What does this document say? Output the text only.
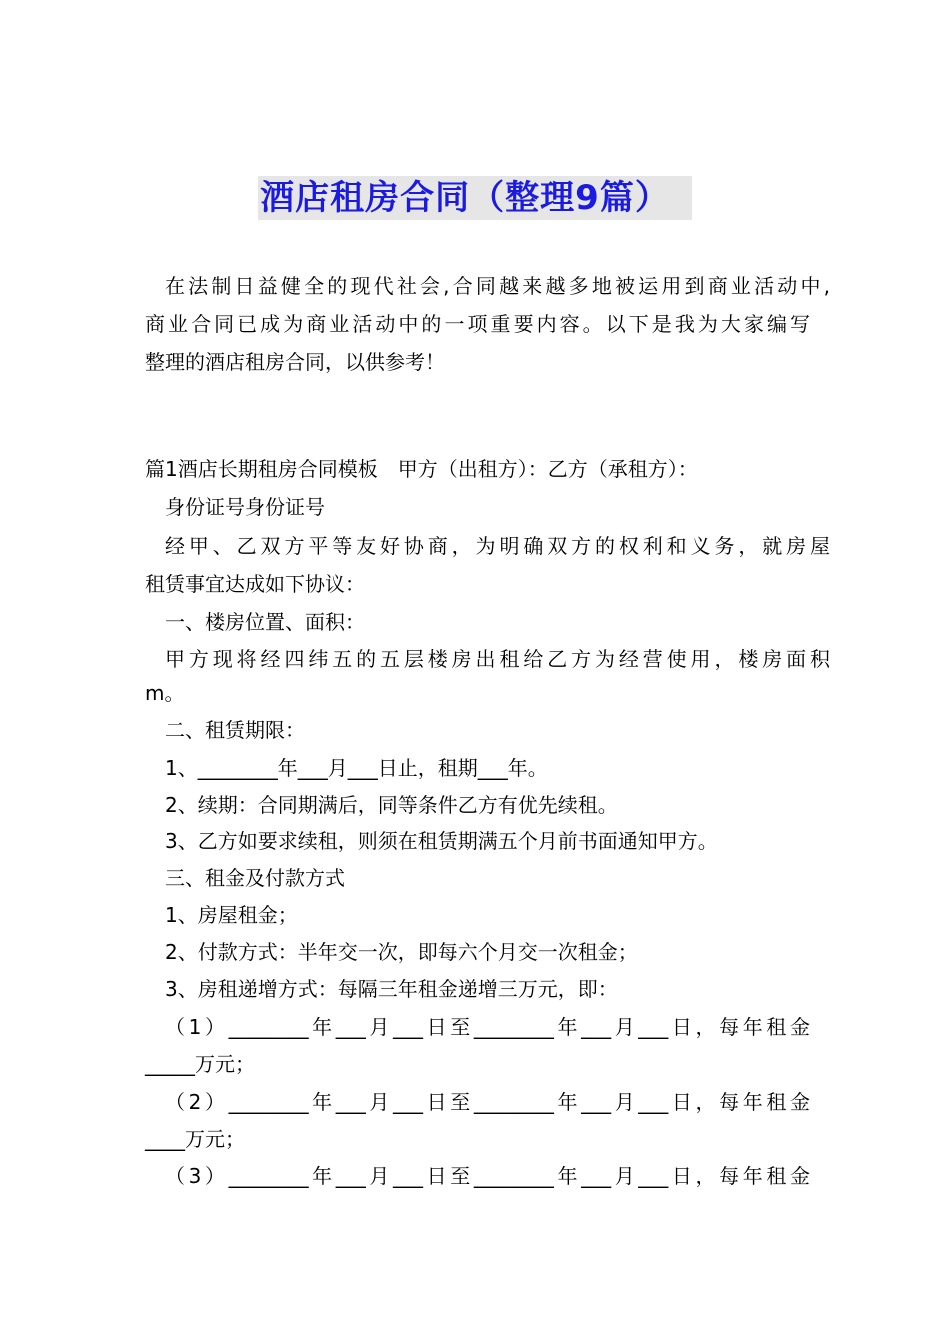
酒店租房合同（整理9篇）
在法制日益健全的现代社会,合同越来越多地被运用到商业活动中,
商业合同已成为商业活动中的一项重要内容。以下是我为大家编写
整理的酒店租房合同，以供参考！
篇1酒店长期租房合同模板　甲方（出租方）：乙方（承租方）：
身份证号身份证号
经甲、乙双方平等友好协商，为明确双方的权利和义务，就房屋
租赁事宜达成如下协议：
一、楼房位置、面积：
甲方现将经四纬五的五层楼房出租给乙方为经营使用，楼房面积
m。
二、租赁期限：
1、________年___月___日止，租期___年。
2、续期：合同期满后，同等条件乙方有优先续租。
3、乙方如要求续租，则须在租赁期满五个月前书面通知甲方。
三、租金及付款方式
1、房屋租金；
2、付款方式：半年交一次，即每六个月交一次租金；
3、房租递增方式：每隔三年租金递增三万元，即：
（1）________年___月___日至________年___月___日，每年租金
_____万元；
（2）________年___月___日至________年___月___日，每年租金
____万元；
（3）________年___月___日至________年___月___日，每年租金
